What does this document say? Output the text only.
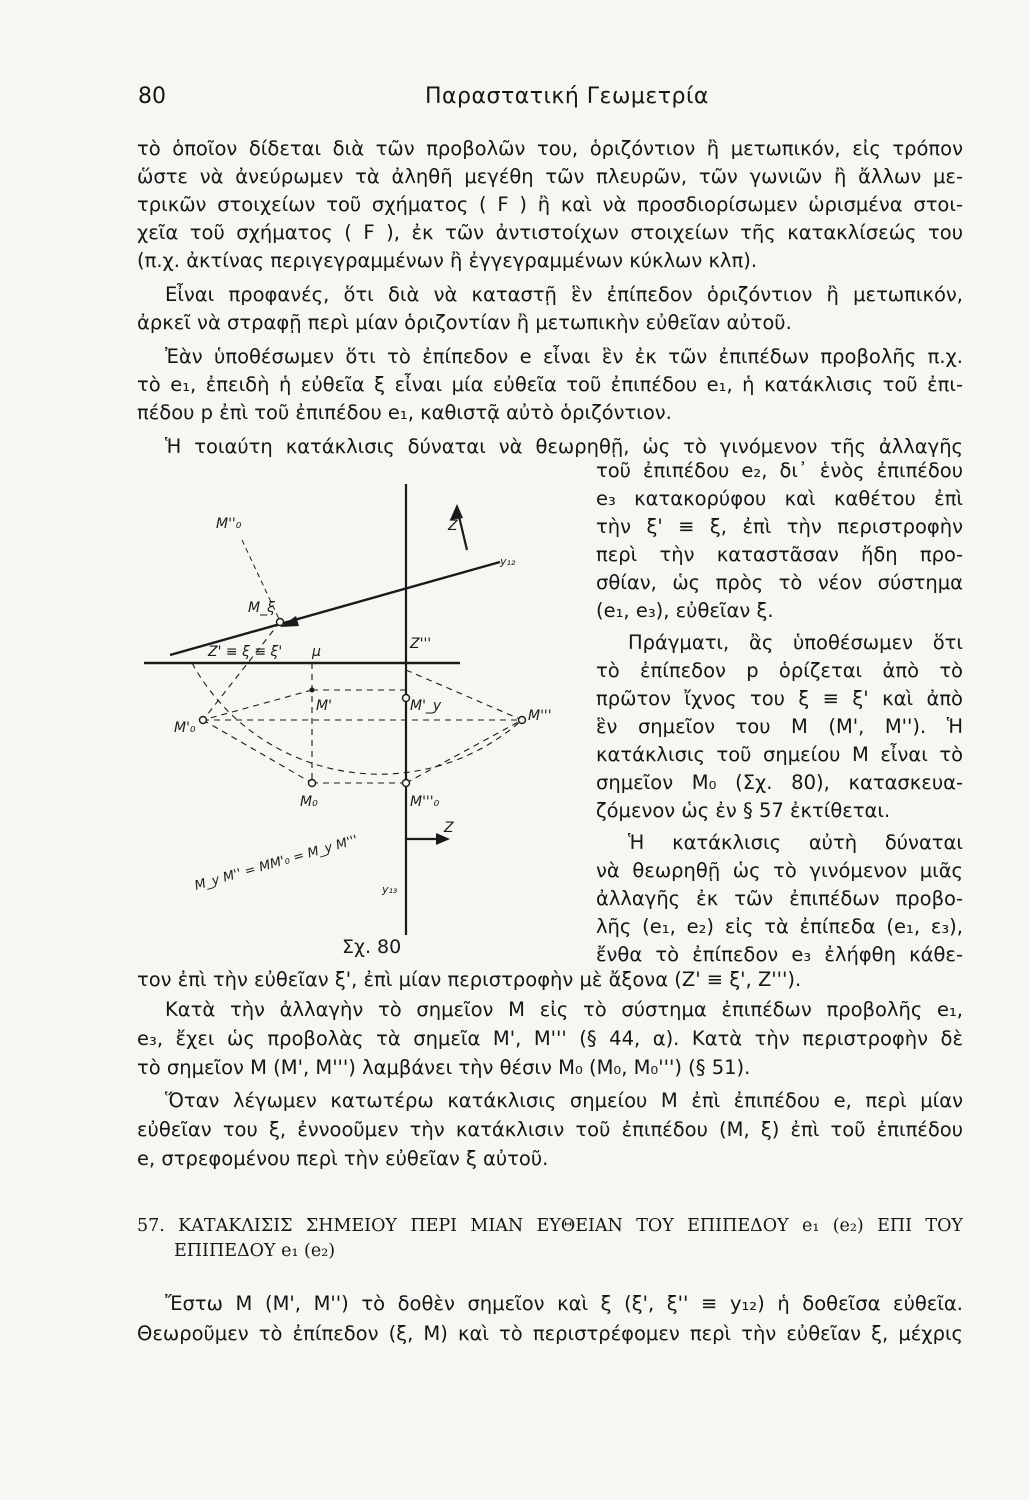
80	Παραστατική Γεωμετρία
τὸ ὁποῖον δίδεται διὰ τῶν προβολῶν του, ὁριζόντιον ἢ μετωπικόν, εἰς τρόπον
ὥστε νὰ ἀνεύρωμεν τὰ ἀληθῆ μεγέθη τῶν πλευρῶν, τῶν γωνιῶν ἢ ἄλλων με-
τρικῶν στοιχείων τοῦ σχήματος ( F ) ἢ καὶ νὰ προσδιορίσωμεν ὡρισμένα στοι-
χεῖα τοῦ σχήματος ( F ), ἐκ τῶν ἀντιστοίχων στοιχείων τῆς κατακλίσεώς του
(π.χ. ἀκτίνας περιγεγραμμένων ἢ ἐγγεγραμμένων κύκλων κλπ).
Εἶναι προφανές, ὅτι διὰ νὰ καταστῇ ἓν ἐπίπεδον ὁριζόντιον ἢ μετωπικόν,
ἀρκεῖ νὰ στραφῇ περὶ μίαν ὁριζοντίαν ἢ μετωπικὴν εὐθεῖαν αὐτοῦ.
Ἐὰν ὑποθέσωμεν ὅτι τὸ ἐπίπεδον e εἶναι ἓν ἐκ τῶν ἐπιπέδων προβολῆς π.χ.
τὸ e₁, ἐπειδὴ ἡ εὐθεῖα ξ εἶναι μία εὐθεῖα τοῦ ἐπιπέδου e₁, ἡ κατάκλισις τοῦ ἐπι-
πέδου p ἐπὶ τοῦ ἐπιπέδου e₁, καθιστᾷ αὐτὸ ὁριζόντιον.
Ἡ τοιαύτη κατάκλισις δύναται νὰ θεωρηθῇ, ὡς τὸ γινόμενον τῆς ἀλλαγῆς
τοῦ ἐπιπέδου e₂, δι᾽ ἑνὸς ἐπιπέδου
e₃ κατακορύφου καὶ καθέτου ἐπὶ
τὴν ξ' ≡ ξ, ἐπὶ τὴν περιστροφὴν
περὶ τὴν καταστᾶσαν ἤδη προ-
σθίαν, ὡς πρὸς τὸ νέον σύστημα
(e₁, e₃), εὐθεῖαν ξ.
Πράγματι, ἂς ὑποθέσωμεν ὅτι
τὸ ἐπίπεδον p ὁρίζεται ἀπὸ τὸ
πρῶτον ἴχνος του ξ ≡ ξ' καὶ ἀπὸ
ἓν σημεῖον του M (M', M''). Ἡ
κατάκλισις τοῦ σημείου M εἶναι τὸ
σημεῖον M₀ (Σχ. 80), κατασκευα-
ζόμενον ὡς ἐν § 57 ἐκτίθεται.
Ἡ κατάκλισις αὐτὴ δύναται
νὰ θεωρηθῇ ὡς τὸ γινόμενον μιᾶς
ἀλλαγῆς ἐκ τῶν ἐπιπέδων προβο-
λῆς (e₁, e₂) εἰς τὰ ἐπίπεδα (e₁, ε₃),
ἔνθα τὸ ἐπίπεδον e₃ ἐλήφθη κάθε-
M''₀
M_ξ
Z' ≡ ξ ≡ ξ' μ	Z'''
M'
M'₀
M'_y
M'''
M₀	M'''₀
Z
Z
y₁₂
y₁₃
M_y M'' = MM'₀ = M_y M'''
Σχ. 80
τον ἐπὶ τὴν εὐθεῖαν ξ', ἐπὶ μίαν περιστροφὴν μὲ ἄξονα (Z' ≡ ξ', Z''').
Κατὰ τὴν ἀλλαγὴν τὸ σημεῖον M εἰς τὸ σύστημα ἐπιπέδων προβολῆς e₁,
e₃, ἔχει ὡς προβολὰς τὰ σημεῖα M', M''' (§ 44, α). Κατὰ τὴν περιστροφὴν δὲ
τὸ σημεῖον M (M', M''') λαμβάνει τὴν θέσιν M₀ (M₀, M₀''') (§ 51).
Ὅταν λέγωμεν κατωτέρω κατάκλισις σημείου M ἐπὶ ἐπιπέδου e, περὶ μίαν
εὐθεῖαν του ξ, ἐννοοῦμεν τὴν κατάκλισιν τοῦ ἐπιπέδου (M, ξ) ἐπὶ τοῦ ἐπιπέδου
e, στρεφομένου περὶ τὴν εὐθεῖαν ξ αὐτοῦ.
57. ΚΑΤΑΚΛΙΣΙΣ ΣΗΜΕΙΟΥ ΠΕΡΙ ΜΙΑΝ ΕΥΘΕΙΑΝ ΤΟΥ ΕΠΙΠΕΔΟΥ e₁ (e₂) ΕΠΙ ΤΟΥ
ΕΠΙΠΕΔΟΥ e₁ (e₂)
Ἔστω M (M', M'') τὸ δοθὲν σημεῖον καὶ ξ (ξ', ξ'' ≡ y₁₂) ἡ δοθεῖσα εὐθεῖα.
Θεωροῦμεν τὸ ἐπίπεδον (ξ, M) καὶ τὸ περιστρέφομεν περὶ τὴν εὐθεῖαν ξ, μέχρις
